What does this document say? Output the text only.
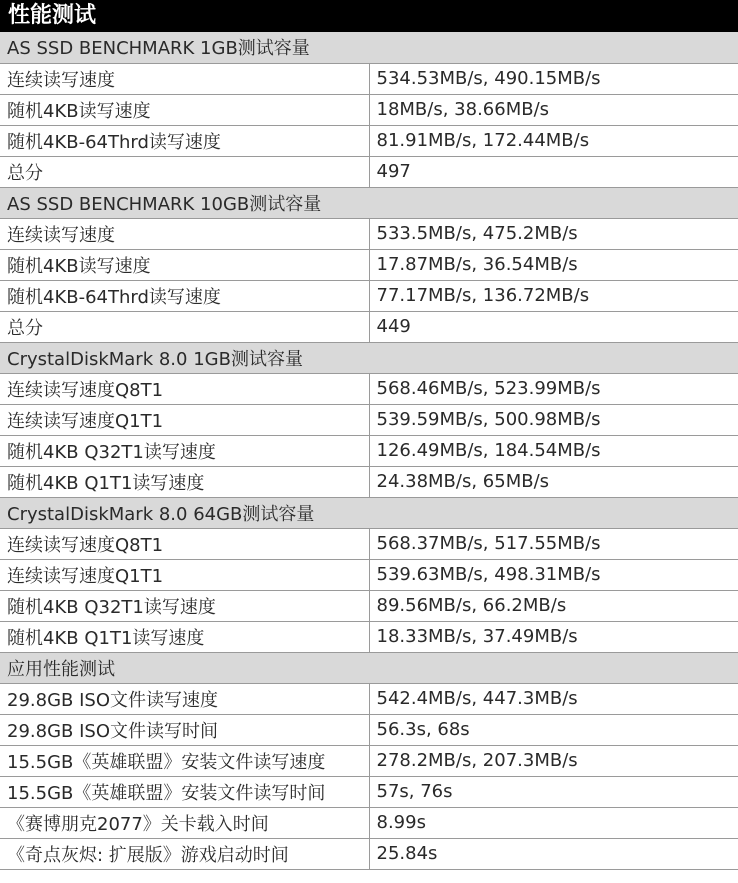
性能测试
AS SSD BENCHMARK 1GB测试容量	
连续读写速度	534.53MB/s, 490.15MB/s
随机4KB读写速度	18MB/s, 38.66MB/s
随机4KB-64Thrd读写速度	81.91MB/s, 172.44MB/s
总分	497
AS SSD BENCHMARK 10GB测试容量	
连续读写速度	533.5MB/s, 475.2MB/s
随机4KB读写速度	17.87MB/s, 36.54MB/s
随机4KB-64Thrd读写速度	77.17MB/s, 136.72MB/s
总分	449
CrystalDiskMark 8.0 1GB测试容量	
连续读写速度Q8T1	568.46MB/s, 523.99MB/s
连续读写速度Q1T1	539.59MB/s, 500.98MB/s
随机4KB Q32T1读写速度	126.49MB/s, 184.54MB/s
随机4KB Q1T1读写速度	24.38MB/s, 65MB/s
CrystalDiskMark 8.0 64GB测试容量	
连续读写速度Q8T1	568.37MB/s, 517.55MB/s
连续读写速度Q1T1	539.63MB/s, 498.31MB/s
随机4KB Q32T1读写速度	89.56MB/s, 66.2MB/s
随机4KB Q1T1读写速度	18.33MB/s, 37.49MB/s
应用性能测试	
29.8GB ISO文件读写速度	542.4MB/s, 447.3MB/s
29.8GB ISO文件读写时间	56.3s, 68s
15.5GB《英雄联盟》安装文件读写速度	278.2MB/s, 207.3MB/s
15.5GB《英雄联盟》安装文件读写时间	57s, 76s
《赛博朋克2077》关卡载入时间	8.99s
《奇点灰烬: 扩展版》游戏启动时间	25.84s
